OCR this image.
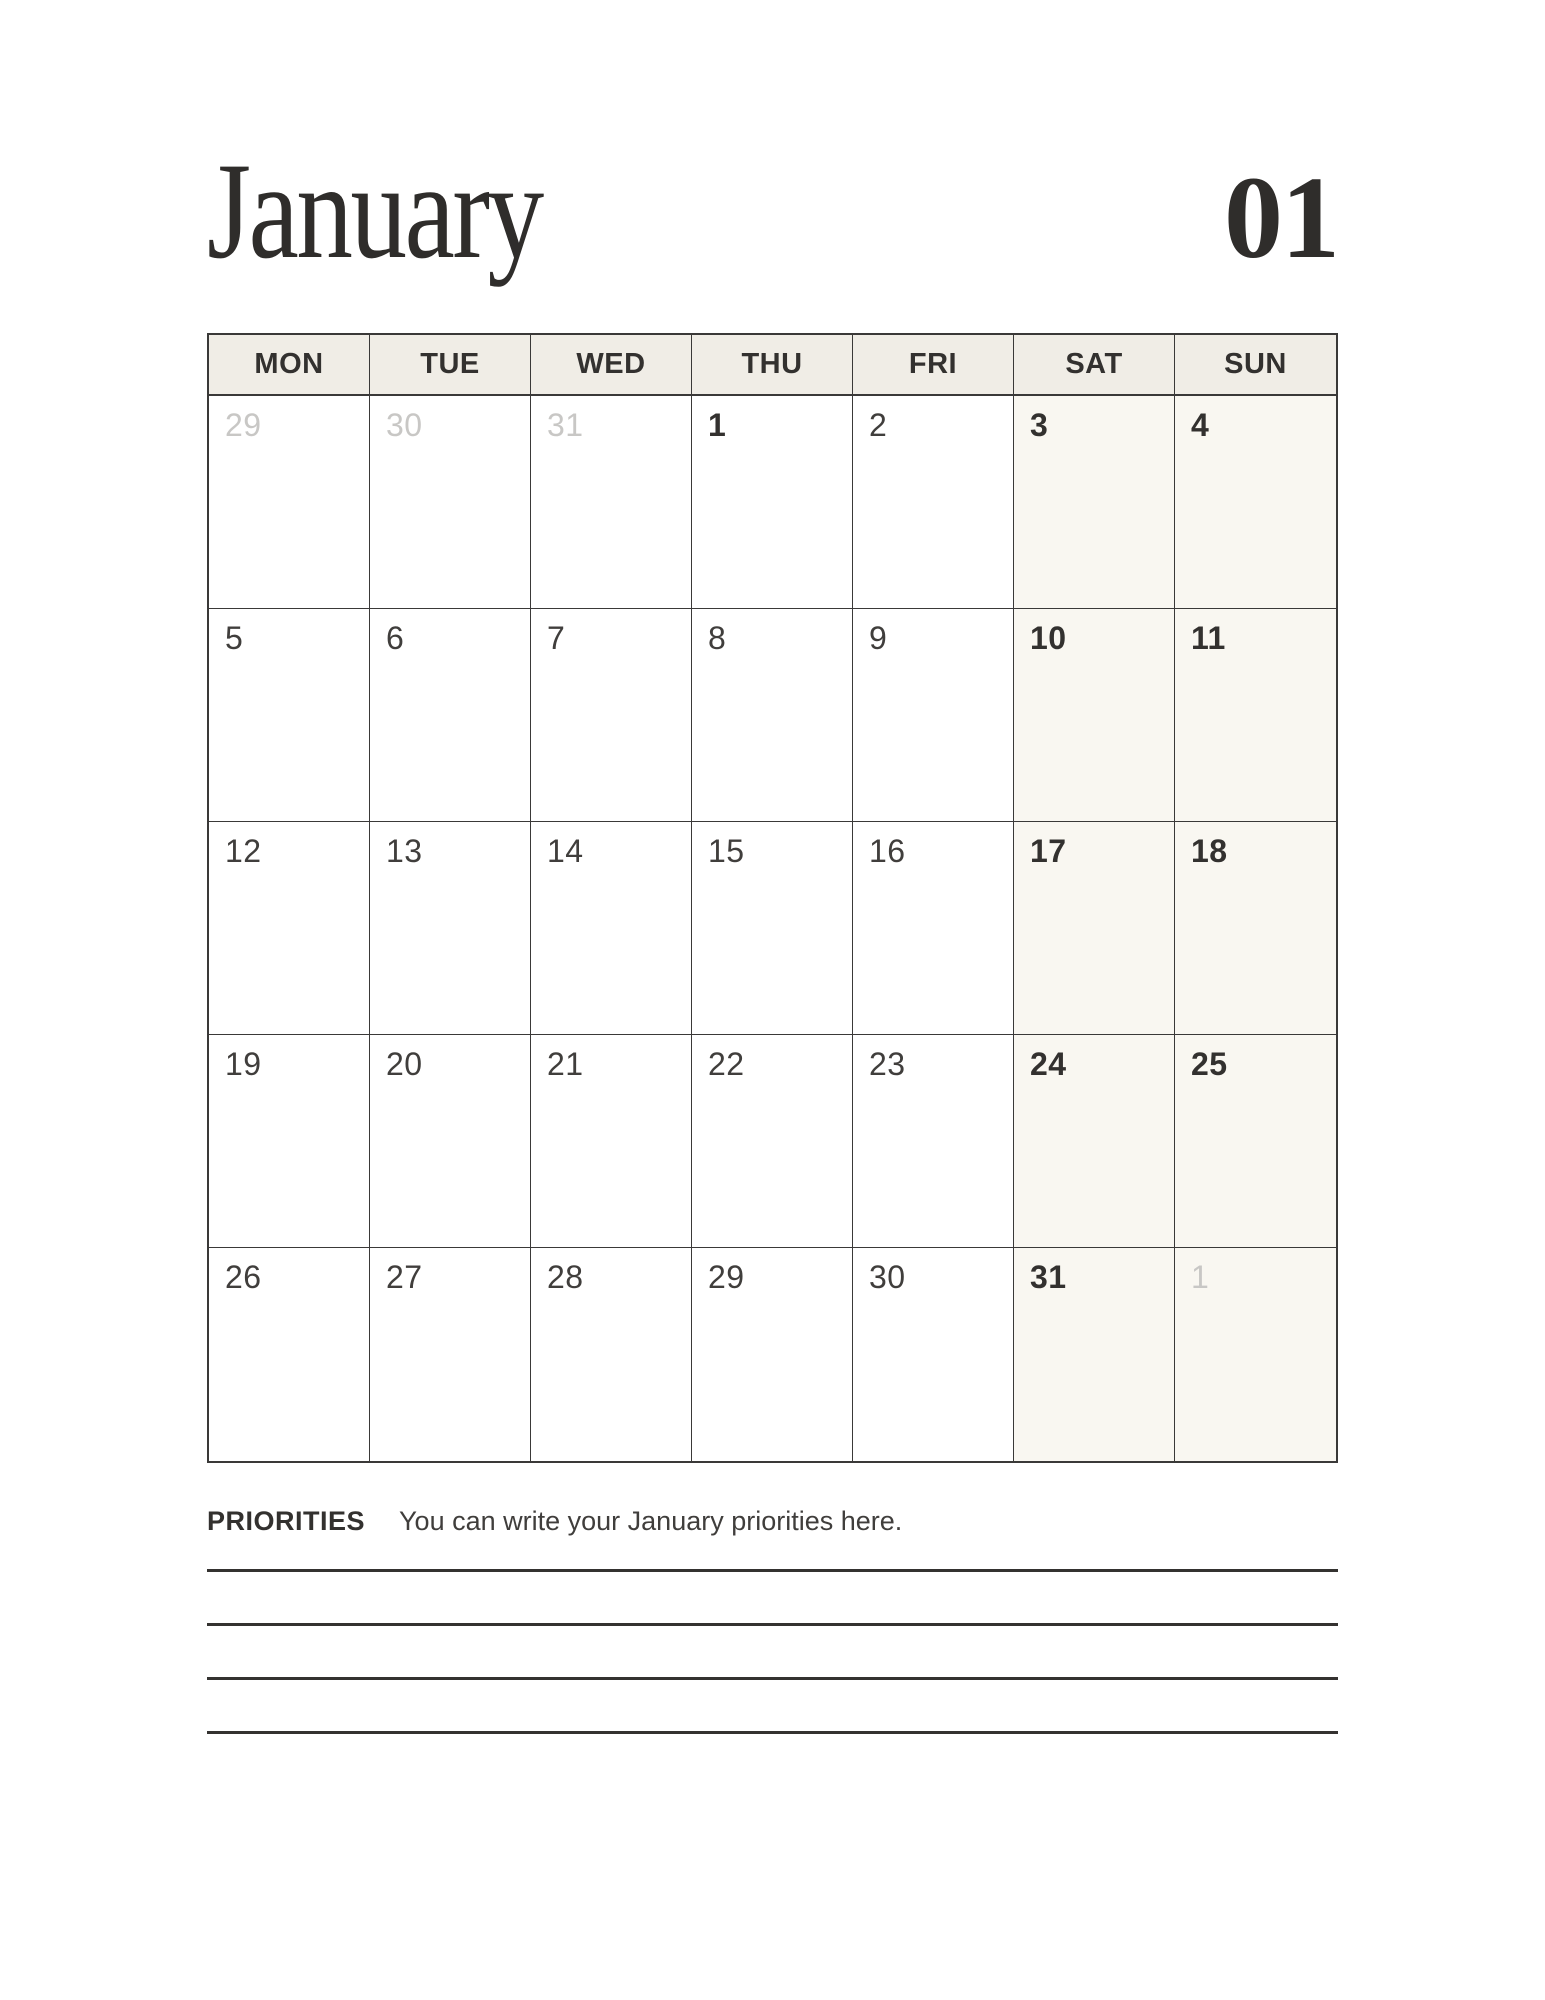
January	01
MON	TUE	WED	THU	FRI	SAT	SUN
29	30	31	1	2	3	4
5	6	7	8	9	10	11
12	13	14	15	16	17	18
19	20	21	22	23	24	25
26	27	28	29	30	31	1
PRIORITIES You can write your January priorities here.
